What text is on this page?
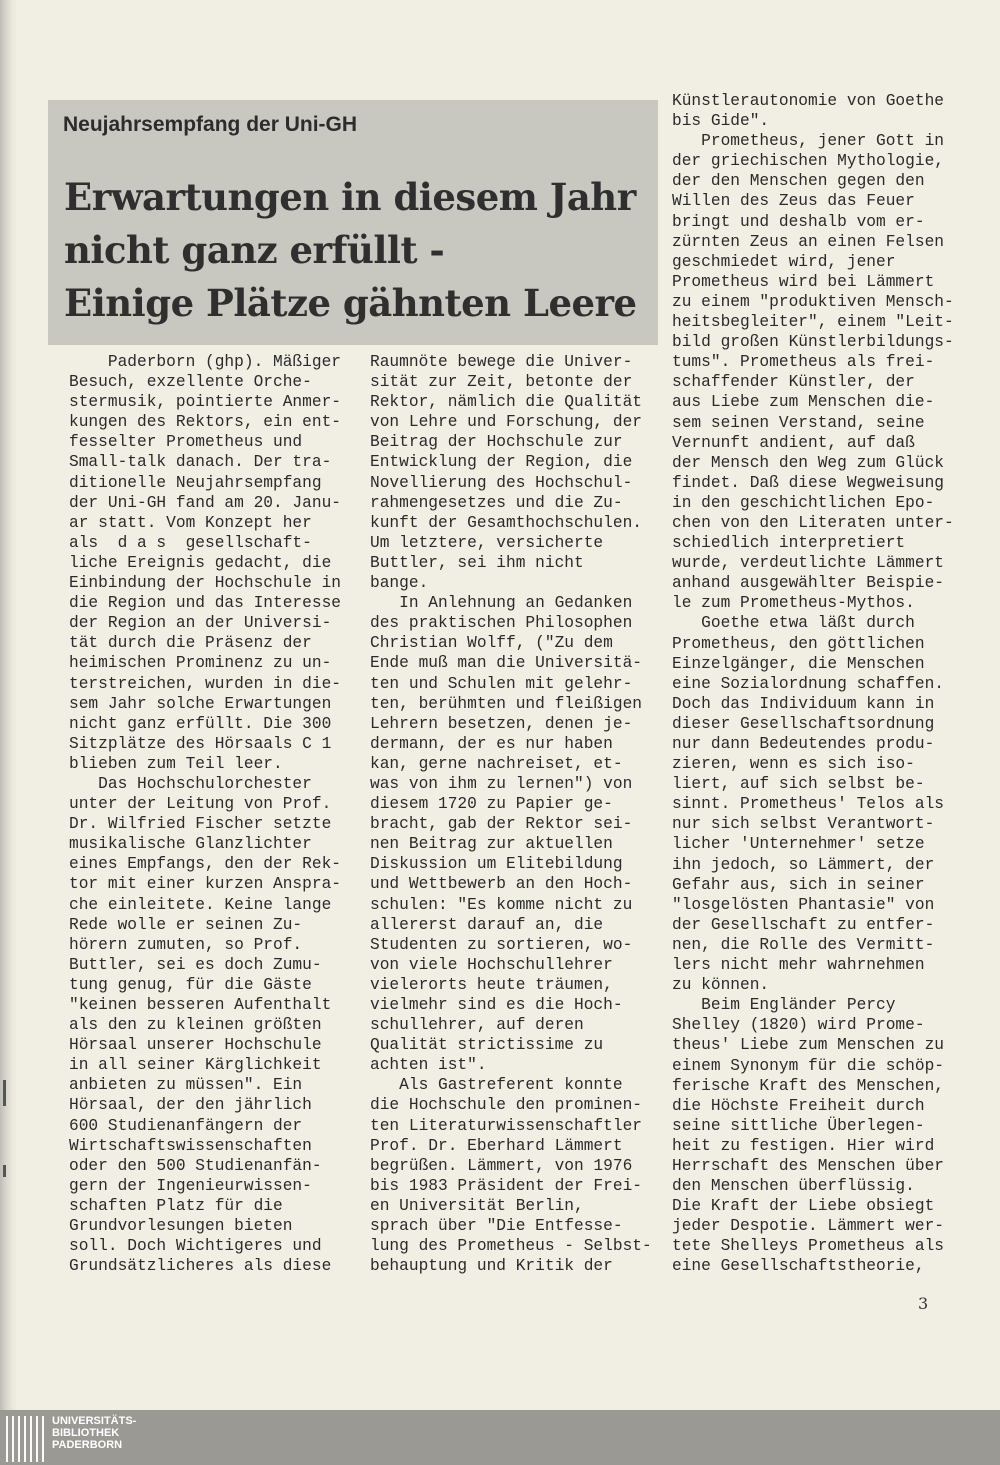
Neujahrsempfang der Uni-GH
Erwartungen in diesem Jahr
nicht ganz erfüllt -
Einige Plätze gähnten Leere
Paderborn (ghp). Mäßiger
Besuch, exzellente Orche-
stermusik, pointierte Anmer-
kungen des Rektors, ein ent-
fesselter Prometheus und
Small-talk danach. Der tra-
ditionelle Neujahrsempfang
der Uni-GH fand am 20. Janu-
ar statt. Vom Konzept her
als  d a s  gesellschaft-
liche Ereignis gedacht, die
Einbindung der Hochschule in
die Region und das Interesse
der Region an der Universi-
tät durch die Präsenz der
heimischen Prominenz zu un-
terstreichen, wurden in die-
sem Jahr solche Erwartungen
nicht ganz erfüllt. Die 300
Sitzplätze des Hörsaals C 1
blieben zum Teil leer.
Das Hochschulorchester
unter der Leitung von Prof.
Dr. Wilfried Fischer setzte
musikalische Glanzlichter
eines Empfangs, den der Rek-
tor mit einer kurzen Anspra-
che einleitete. Keine lange
Rede wolle er seinen Zu-
hörern zumuten, so Prof.
Buttler, sei es doch Zumu-
tung genug, für die Gäste
"keinen besseren Aufenthalt
als den zu kleinen größten
Hörsaal unserer Hochschule
in all seiner Kärglichkeit
anbieten zu müssen". Ein
Hörsaal, der den jährlich
600 Studienanfängern der
Wirtschaftswissenschaften
oder den 500 Studienanfän-
gern der Ingenieurwissen-
schaften Platz für die
Grundvorlesungen bieten
soll. Doch Wichtigeres und
Grundsätzlicheres als diese
Raumnöte bewege die Univer-
sität zur Zeit, betonte der
Rektor, nämlich die Qualität
von Lehre und Forschung, der
Beitrag der Hochschule zur
Entwicklung der Region, die
Novellierung des Hochschul-
rahmengesetzes und die Zu-
kunft der Gesamthochschulen.
Um letztere, versicherte
Buttler, sei ihm nicht
bange.
In Anlehnung an Gedanken
des praktischen Philosophen
Christian Wolff, ("Zu dem
Ende muß man die Universitä-
ten und Schulen mit gelehr-
ten, berühmten und fleißigen
Lehrern besetzen, denen je-
dermann, der es nur haben
kan, gerne nachreiset, et-
was von ihm zu lernen") von
diesem 1720 zu Papier ge-
bracht, gab der Rektor sei-
nen Beitrag zur aktuellen
Diskussion um Elitebildung
und Wettbewerb an den Hoch-
schulen: "Es komme nicht zu
allererst darauf an, die
Studenten zu sortieren, wo-
von viele Hochschullehrer
vielerorts heute träumen,
vielmehr sind es die Hoch-
schullehrer, auf deren
Qualität strictissime zu
achten ist".
Als Gastreferent konnte
die Hochschule den prominen-
ten Literaturwissenschaftler
Prof. Dr. Eberhard Lämmert
begrüßen. Lämmert, von 1976
bis 1983 Präsident der Frei-
en Universität Berlin,
sprach über "Die Entfesse-
lung des Prometheus - Selbst-
behauptung und Kritik der
Künstlerautonomie von Goethe
bis Gide".
Prometheus, jener Gott in
der griechischen Mythologie,
der den Menschen gegen den
Willen des Zeus das Feuer
bringt und deshalb vom er-
zürnten Zeus an einen Felsen
geschmiedet wird, jener
Prometheus wird bei Lämmert
zu einem "produktiven Mensch-
heitsbegleiter", einem "Leit-
bild großen Künstlerbildungs-
tums". Prometheus als frei-
schaffender Künstler, der
aus Liebe zum Menschen die-
sem seinen Verstand, seine
Vernunft andient, auf daß
der Mensch den Weg zum Glück
findet. Daß diese Wegweisung
in den geschichtlichen Epo-
chen von den Literaten unter-
schiedlich interpretiert
wurde, verdeutlichte Lämmert
anhand ausgewählter Beispie-
le zum Prometheus-Mythos.
Goethe etwa läßt durch
Prometheus, den göttlichen
Einzelgänger, die Menschen
eine Sozialordnung schaffen.
Doch das Individuum kann in
dieser Gesellschaftsordnung
nur dann Bedeutendes produ-
zieren, wenn es sich iso-
liert, auf sich selbst be-
sinnt. Prometheus' Telos als
nur sich selbst Verantwort-
licher 'Unternehmer' setze
ihn jedoch, so Lämmert, der
Gefahr aus, sich in seiner
"losgelösten Phantasie" von
der Gesellschaft zu entfer-
nen, die Rolle des Vermitt-
lers nicht mehr wahrnehmen
zu können.
Beim Engländer Percy
Shelley (1820) wird Prome-
theus' Liebe zum Menschen zu
einem Synonym für die schöp-
ferische Kraft des Menschen,
die Höchste Freiheit durch
seine sittliche Überlegen-
heit zu festigen. Hier wird
Herrschaft des Menschen über
den Menschen überflüssig.
Die Kraft der Liebe obsiegt
jeder Despotie. Lämmert wer-
tete Shelleys Prometheus als
eine Gesellschaftstheorie,
3
UNIVERSITÄTS-
BIBLIOTHEK
PADERBORN
